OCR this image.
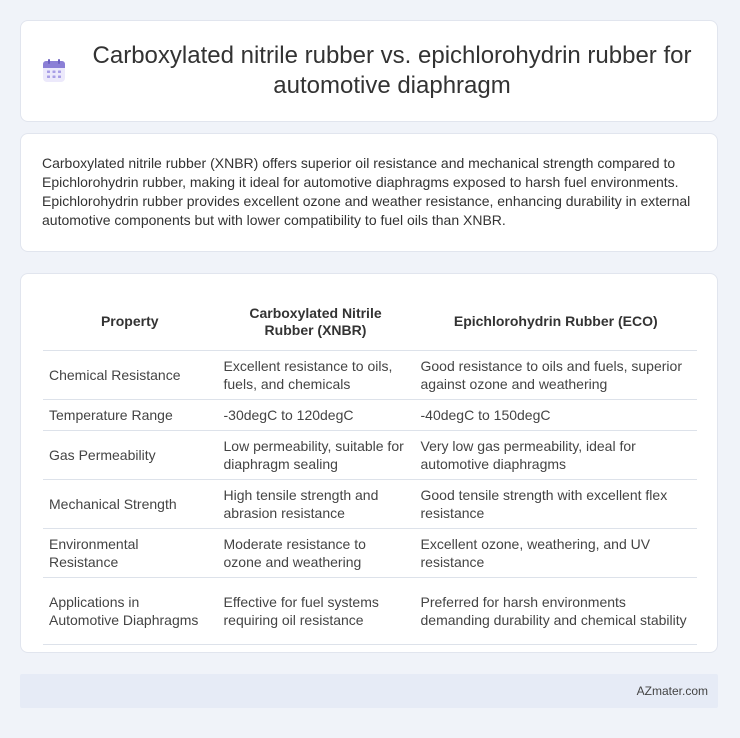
Carboxylated nitrile rubber vs. epichlorohydrin rubber for automotive diaphragm

Carboxylated nitrile rubber (XNBR) offers superior oil resistance and mechanical strength compared to Epichlorohydrin rubber, making it ideal for automotive diaphragms exposed to harsh fuel environments. Epichlorohydrin rubber provides excellent ozone and weather resistance, enhancing durability in external automotive components but with lower compatibility to fuel oils than XNBR.

Property	Carboxylated Nitrile Rubber (XNBR)	Epichlorohydrin Rubber (ECO)
Chemical Resistance	Excellent resistance to oils, fuels, and chemicals	Good resistance to oils and fuels, superior against ozone and weathering
Temperature Range	-30degC to 120degC	-40degC to 150degC
Gas Permeability	Low permeability, suitable for diaphragm sealing	Very low gas permeability, ideal for automotive diaphragms
Mechanical Strength	High tensile strength and abrasion resistance	Good tensile strength with excellent flex resistance
Environmental Resistance	Moderate resistance to ozone and weathering	Excellent ozone, weathering, and UV resistance
Applications in Automotive Diaphragms	Effective for fuel systems requiring oil resistance	Preferred for harsh environments demanding durability and chemical stability
AZmater.com
